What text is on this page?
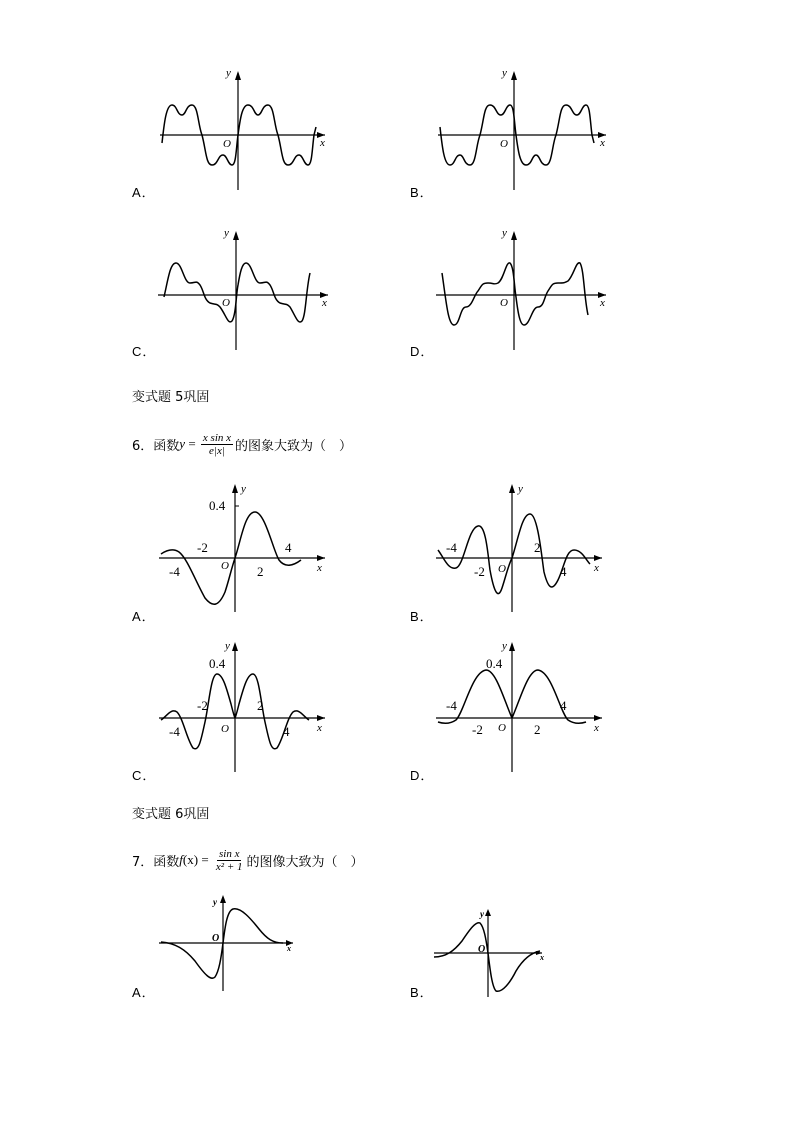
y
x
O
A．
y
x
O
B．
y
x
O
C．
y
x
O
D．
变式题 5巩固
6．函数 $y = \frac{\text{x sin x}}{e|x|}$ 的图象大致为（　）
y
x
O
0.4
-2
-4	2
4
A．
y
x
O
-4
-2
2
4
B．
y
x
O
0.4
-2
-4
2
4
C．
y
x
O
0.4
-4
-2	2
4
D．
变式题 6巩固
7．函数 f $(x) = \frac{\text{sin x}}{\text{x² + 1}}$ 的图像大致为（　）
y
x
O
A．
y
x
O
B．
